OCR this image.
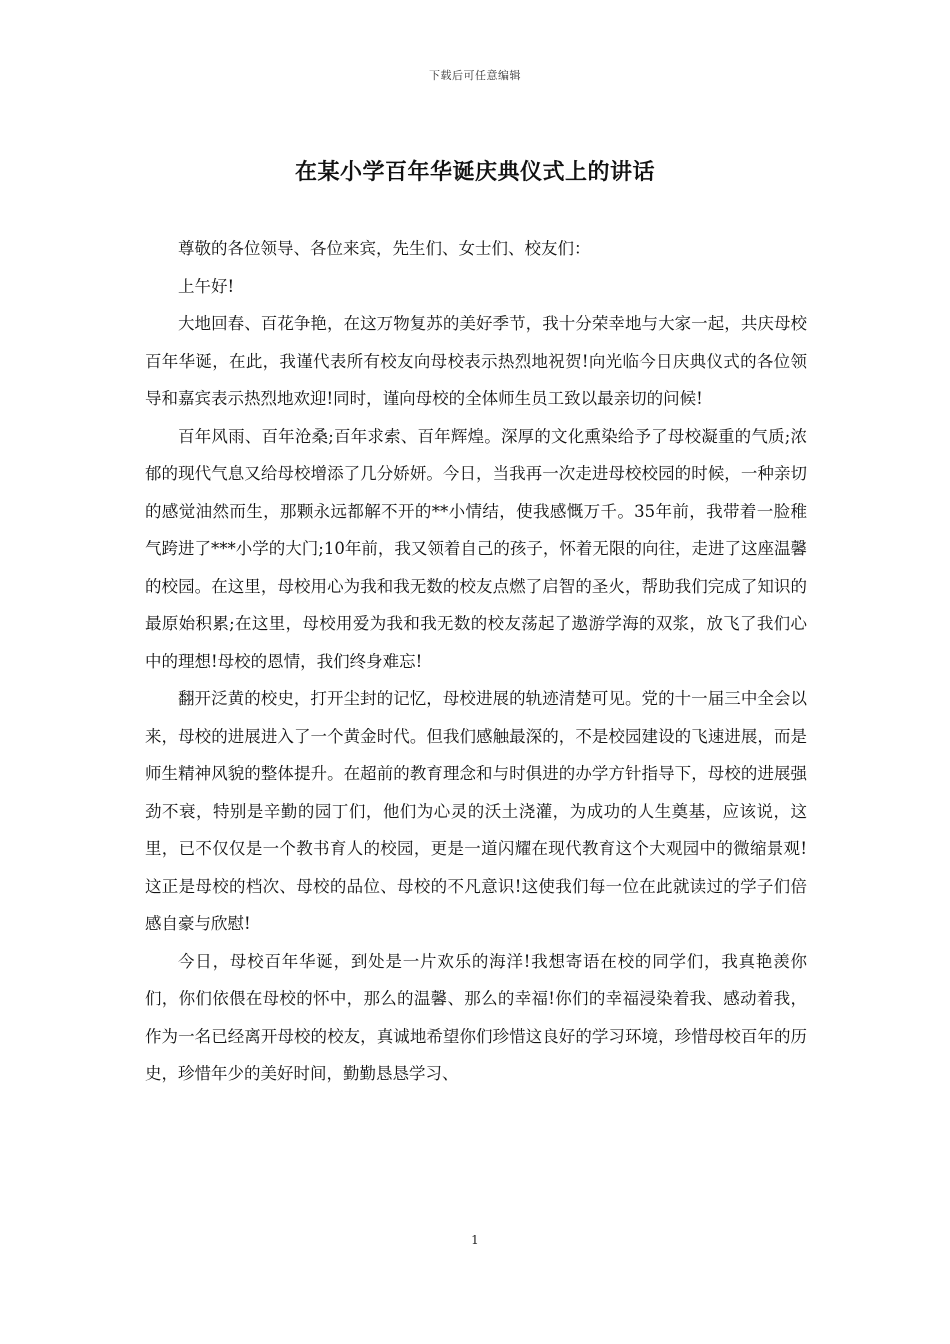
下载后可任意编辑
在某小学百年华诞庆典仪式上的讲话

尊敬的各位领导、各位来宾，先生们、女士们、校友们：

上午好!

大地回春、百花争艳，在这万物复苏的美好季节，我十分荣幸地与大家一起，共庆母校百年华诞，在此，我谨代表所有校友向母校表示热烈地祝贺!向光临今日庆典仪式的各位领导和嘉宾表示热烈地欢迎!同时，谨向母校的全体师生员工致以最亲切的问候!

百年风雨、百年沧桑;百年求索、百年辉煌。深厚的文化熏染给予了母校凝重的气质;浓郁的现代气息又给母校增添了几分娇妍。今日，当我再一次走进母校校园的时候，一种亲切的感觉油然而生，那颗永远都解不开的**小情结，使我感慨万千。35年前，我带着一脸稚气跨进了***小学的大门;10年前，我又领着自己的孩子，怀着无限的向往，走进了这座温馨的校园。在这里，母校用心为我和我无数的校友点燃了启智的圣火，帮助我们完成了知识的最原始积累;在这里，母校用爱为我和我无数的校友荡起了遨游学海的双浆，放飞了我们心中的理想!母校的恩情，我们终身难忘!

翻开泛黄的校史，打开尘封的记忆，母校进展的轨迹清楚可见。党的十一届三中全会以来，母校的进展进入了一个黄金时代。但我们感触最深的，不是校园建设的飞速进展，而是师生精神风貌的整体提升。在超前的教育理念和与时俱进的办学方针指导下，母校的进展强劲不衰，特别是辛勤的园丁们，他们为心灵的沃土浇灌，为成功的人生奠基，应该说，这里，已不仅仅是一个教书育人的校园，更是一道闪耀在现代教育这个大观园中的微缩景观!这正是母校的档次、母校的品位、母校的不凡意识!这使我们每一位在此就读过的学子们倍感自豪与欣慰!

今日，母校百年华诞，到处是一片欢乐的海洋!我想寄语在校的同学们，我真艳羡你们，你们依偎在母校的怀中，那么的温馨、那么的幸福!你们的幸福浸染着我、感动着我，作为一名已经离开母校的校友，真诚地希望你们珍惜这良好的学习环境，珍惜母校百年的历史，珍惜年少的美好时间，勤勤恳恳学习、

1
